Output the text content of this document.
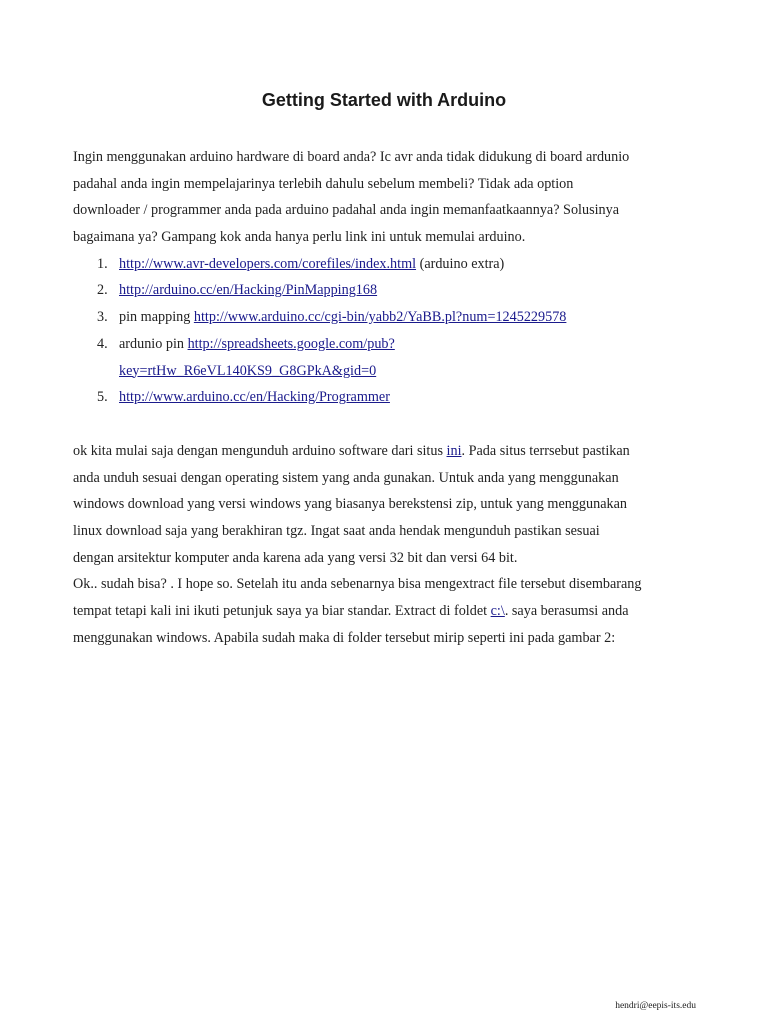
Getting Started with Arduino
Ingin menggunakan arduino hardware di board anda? Ic avr anda tidak didukung di board ardunio
padahal anda ingin mempelajarinya terlebih dahulu sebelum membeli? Tidak ada option
downloader / programmer anda pada arduino padahal anda ingin memanfaatkaannya? Solusinya
bagaimana ya? Gampang kok anda hanya perlu link ini untuk memulai arduino.
1. http://www.avr-developers.com/corefiles/index.html (arduino extra)
2. http://arduino.cc/en/Hacking/PinMapping168
3. pin mapping http://www.arduino.cc/cgi-bin/yabb2/YaBB.pl?num=1245229578
4. ardunio pin http://spreadsheets.google.com/pub?
key=rtHw_R6eVL140KS9_G8GPkA&gid=0
5. http://www.arduino.cc/en/Hacking/Programmer
ok kita mulai saja dengan mengunduh arduino software dari situs ini. Pada situs terrsebut pastikan
anda unduh sesuai dengan operating sistem yang anda gunakan. Untuk anda yang menggunakan
windows download yang versi windows yang biasanya berekstensi zip, untuk yang menggunakan
linux download saja yang berakhiran tgz. Ingat saat anda hendak mengunduh pastikan sesuai
dengan arsitektur komputer anda karena ada yang versi 32 bit dan versi 64 bit.
Ok.. sudah bisa? . I hope so. Setelah itu anda sebenarnya bisa mengextract file tersebut disembarang
tempat tetapi kali ini ikuti petunjuk saya ya biar standar. Extract di foldet c:\. saya berasumsi anda
menggunakan windows. Apabila sudah maka di folder tersebut mirip seperti ini pada gambar 2:
hendri@eepis-its.edu
